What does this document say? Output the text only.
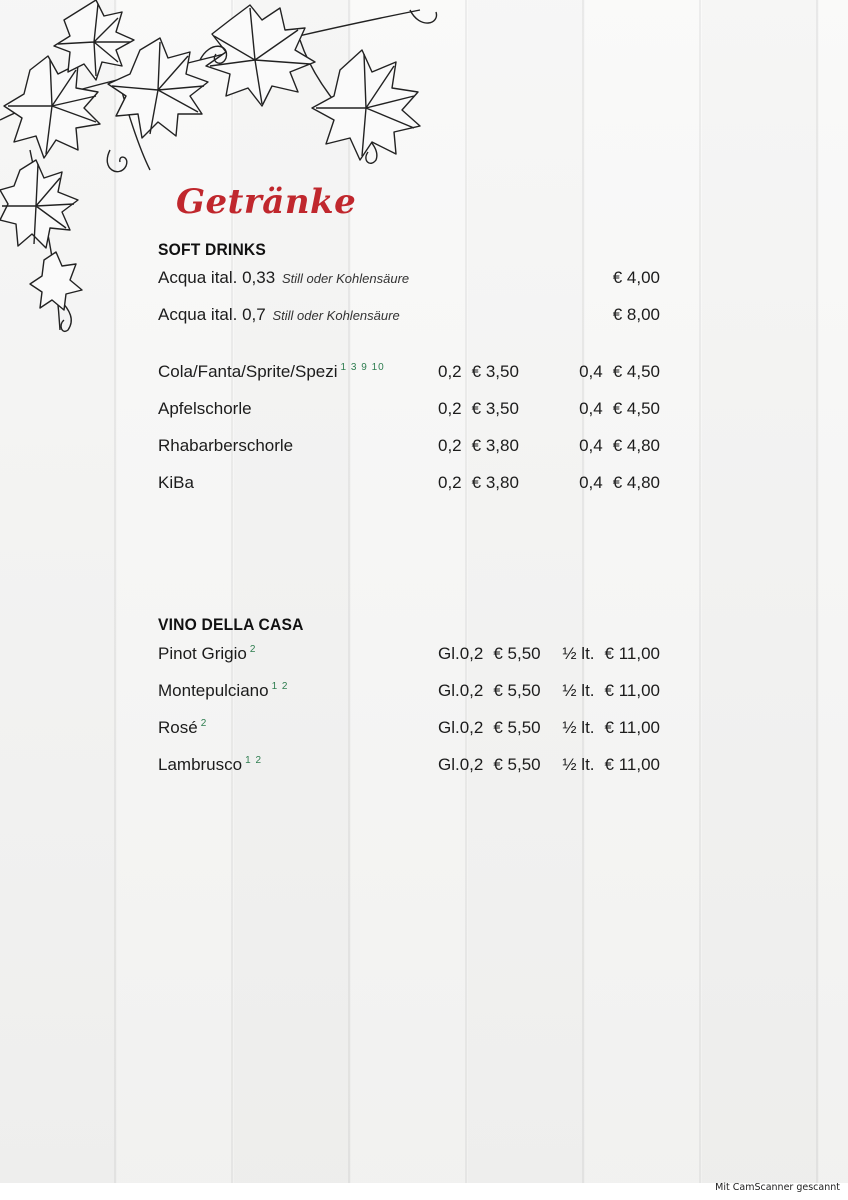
Getränke
SOFT DRINKS
Acqua ital. 0,33 Still oder Kohlensäure	€ 4,00
Acqua ital. 0,7 Still oder Kohlensäure	€ 8,00
Cola/Fanta/Sprite/Spezi $^{1 3 9 10}$	0,2 € 3,50	0,4 € 4,50
Apfelschorle	0,2 € 3,50	0,4 € 4,50
Rhabarberschorle	0,2 € 3,80	0,4 € 4,80
KiBa	0,2 € 3,80	0,4 € 4,80
VINO DELLA CASA
Pinot Grigio $^2$	Gl.0,2 € 5,50 ½ lt. € 11,00
Montepulciano $^{1 2}$	Gl.0,2 € 5,50 ½ lt. € 11,00
Rosé $^2$	Gl.0,2 € 5,50 ½ lt. € 11,00
Lambrusco $^{1 2}$	Gl.0,2 € 5,50 ½ lt. € 11,00
Mit CamScanner gescannt
